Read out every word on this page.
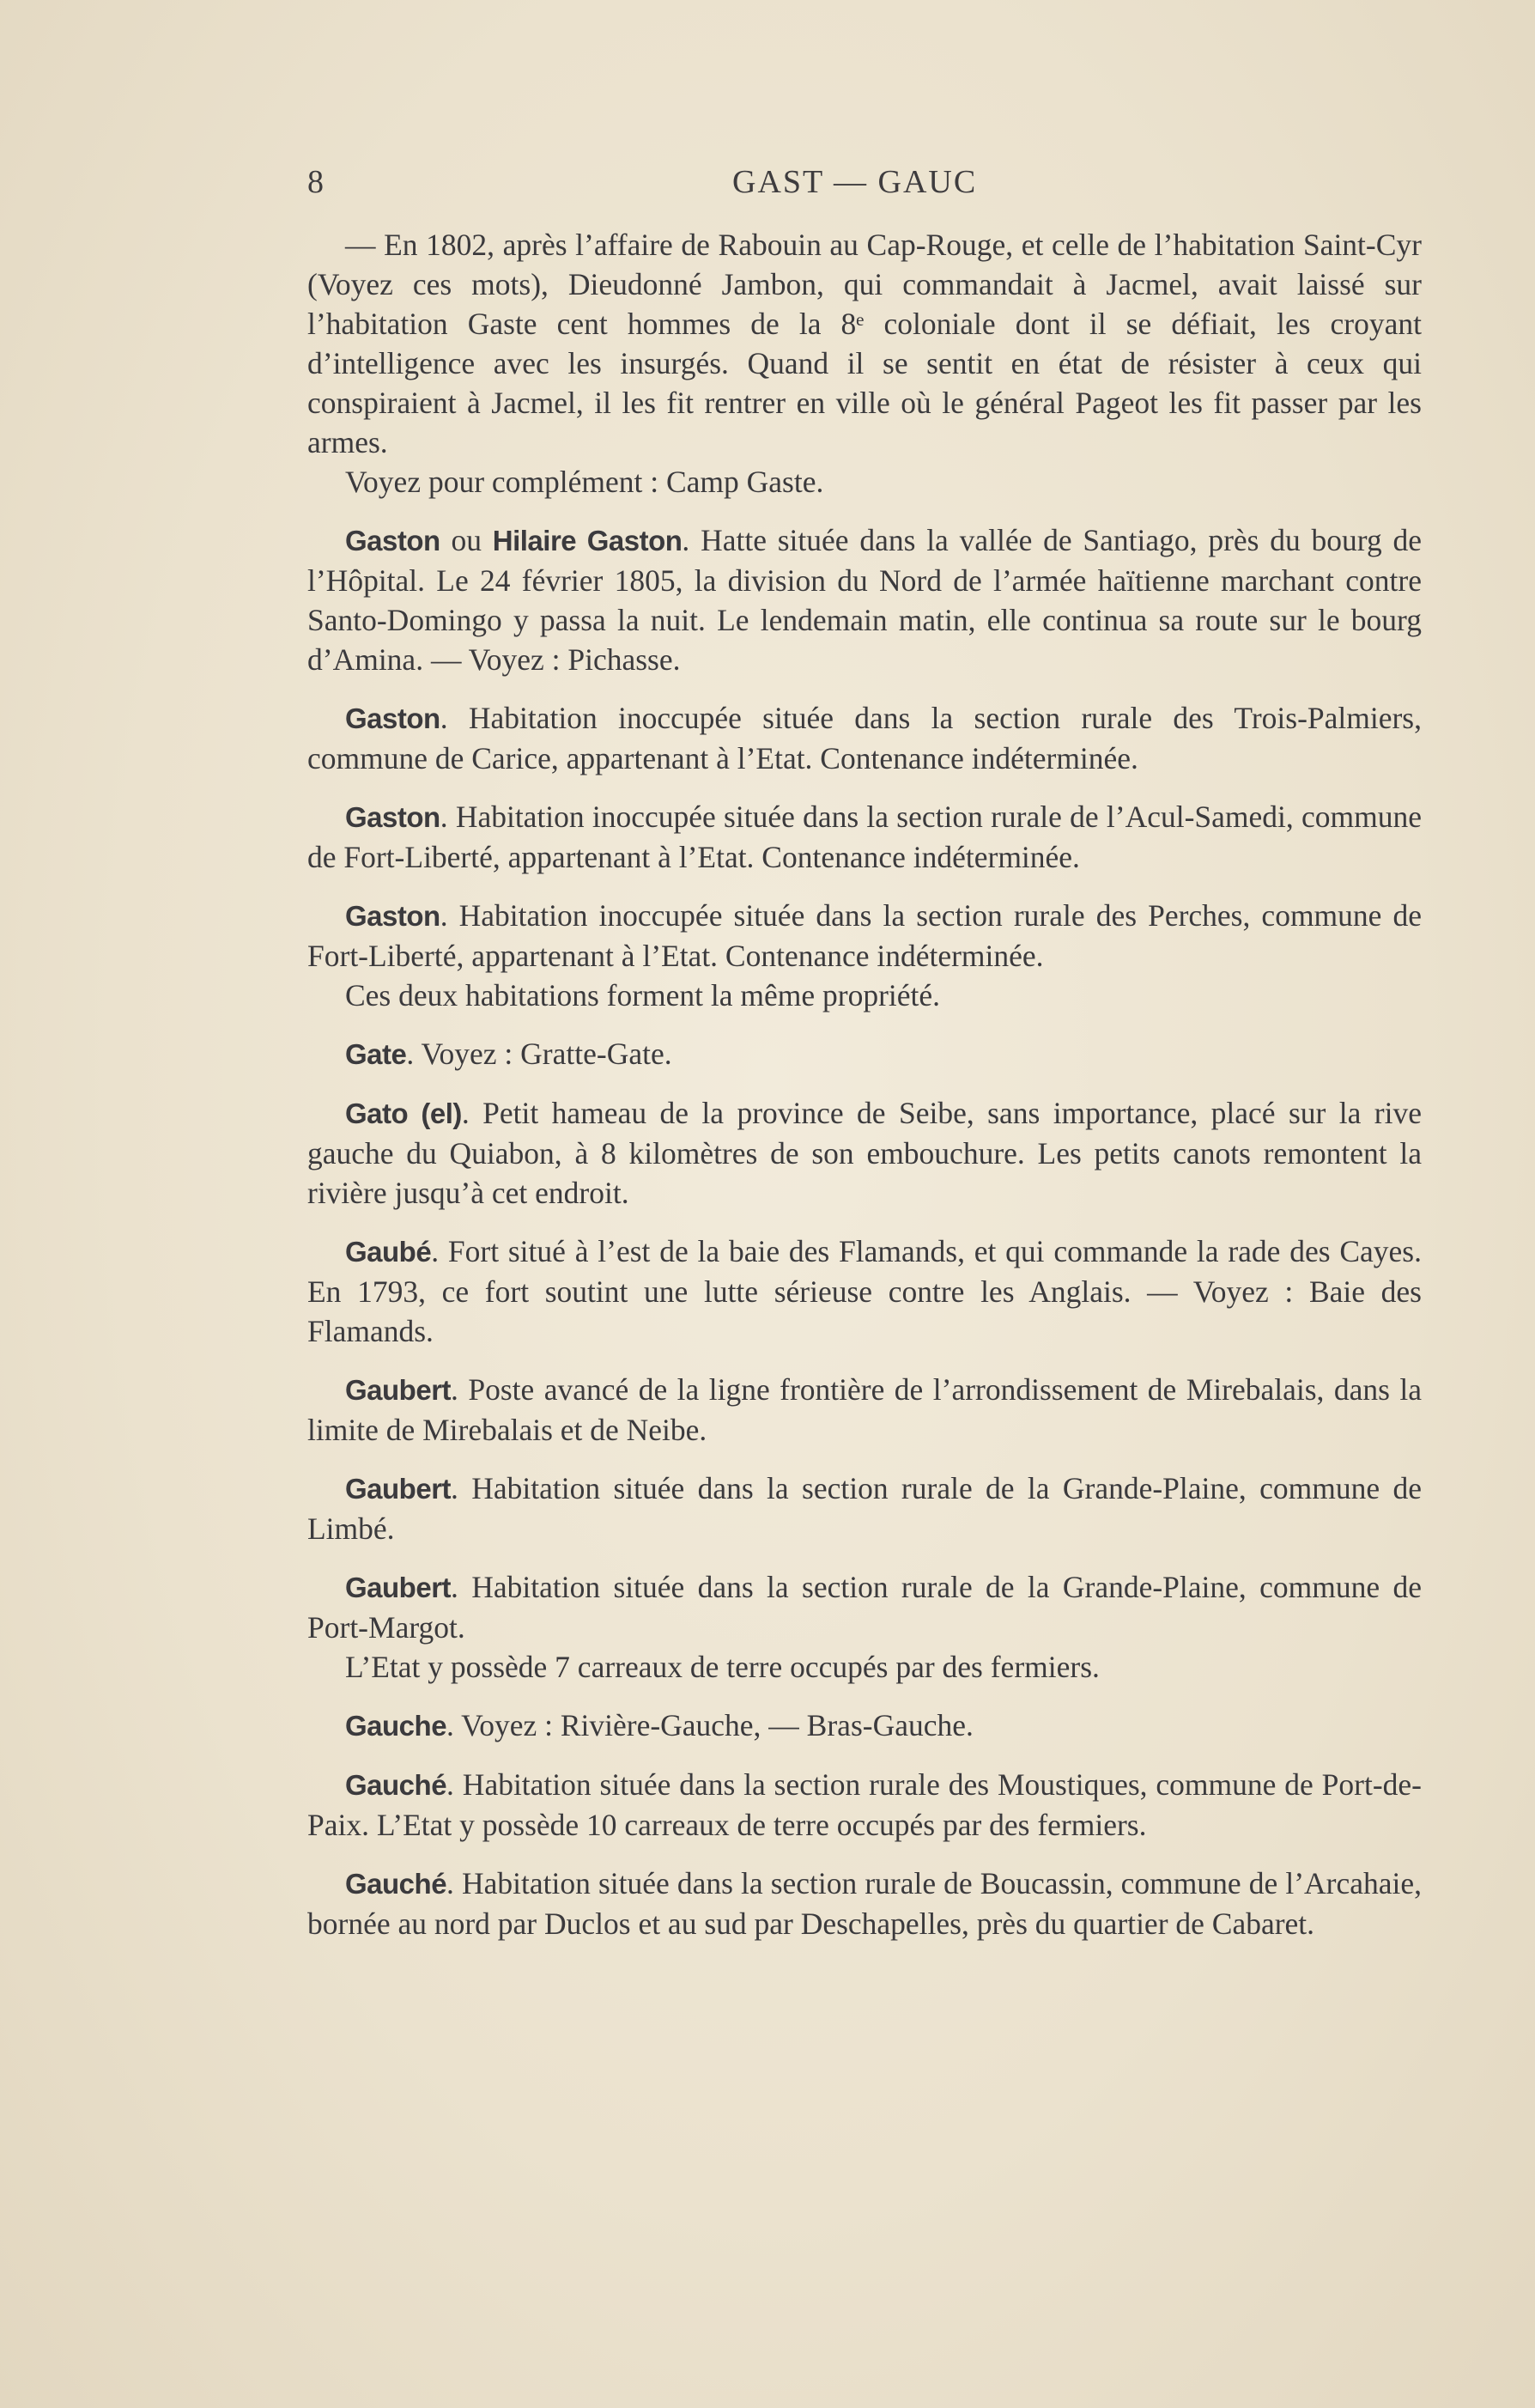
8	GAST — GAUC

— En 1802, après l’affaire de Rabouin au Cap-Rouge, et celle de l’habitation Saint-Cyr (Voyez ces mots), Dieudonné Jambon, qui commandait à Jacmel, avait laissé sur l’habitation Gaste cent hommes de la 8ᵉ coloniale dont il se défiait, les croyant d’intelligence avec les insurgés. Quand il se sentit en état de résister à ceux qui conspiraient à Jacmel, il les fit rentrer en ville où le général Pageot les fit passer par les armes.

Voyez pour complément : Camp Gaste.

Gaston ou Hilaire Gaston. Hatte située dans la vallée de Santiago, près du bourg de l’Hôpital. Le 24 février 1805, la division du Nord de l’armée haïtienne marchant contre Santo-Domingo y passa la nuit. Le lendemain matin, elle continua sa route sur le bourg d’Amina. — Voyez : Pichasse.

Gaston. Habitation inoccupée située dans la section rurale des Trois-Palmiers, commune de Carice, appartenant à l’Etat. Contenance indéterminée.

Gaston. Habitation inoccupée située dans la section rurale de l’Acul-Samedi, commune de Fort-Liberté, appartenant à l’Etat. Contenance indéterminée.

Gaston. Habitation inoccupée située dans la section rurale des Perches, commune de Fort-Liberté, appartenant à l’Etat. Contenance indéterminée.

Ces deux habitations forment la même propriété.

Gate. Voyez : Gratte-Gate.

Gato (el). Petit hameau de la province de Seibe, sans importance, placé sur la rive gauche du Quiabon, à 8 kilomètres de son embouchure. Les petits canots remontent la rivière jusqu’à cet endroit.

Gaubé. Fort situé à l’est de la baie des Flamands, et qui commande la rade des Cayes. En 1793, ce fort soutint une lutte sérieuse contre les Anglais. — Voyez : Baie des Flamands.

Gaubert. Poste avancé de la ligne frontière de l’arrondissement de Mirebalais, dans la limite de Mirebalais et de Neibe.

Gaubert. Habitation située dans la section rurale de la Grande-Plaine, commune de Limbé.

Gaubert. Habitation située dans la section rurale de la Grande-Plaine, commune de Port-Margot.

L’Etat y possède 7 carreaux de terre occupés par des fermiers.

Gauche. Voyez : Rivière-Gauche, — Bras-Gauche.

Gauché. Habitation située dans la section rurale des Moustiques, commune de Port-de-Paix. L’Etat y possède 10 carreaux de terre occupés par des fermiers.

Gauché. Habitation située dans la section rurale de Boucassin, commune de l’Arcahaie, bornée au nord par Duclos et au sud par Deschapelles, près du quartier de Cabaret.
